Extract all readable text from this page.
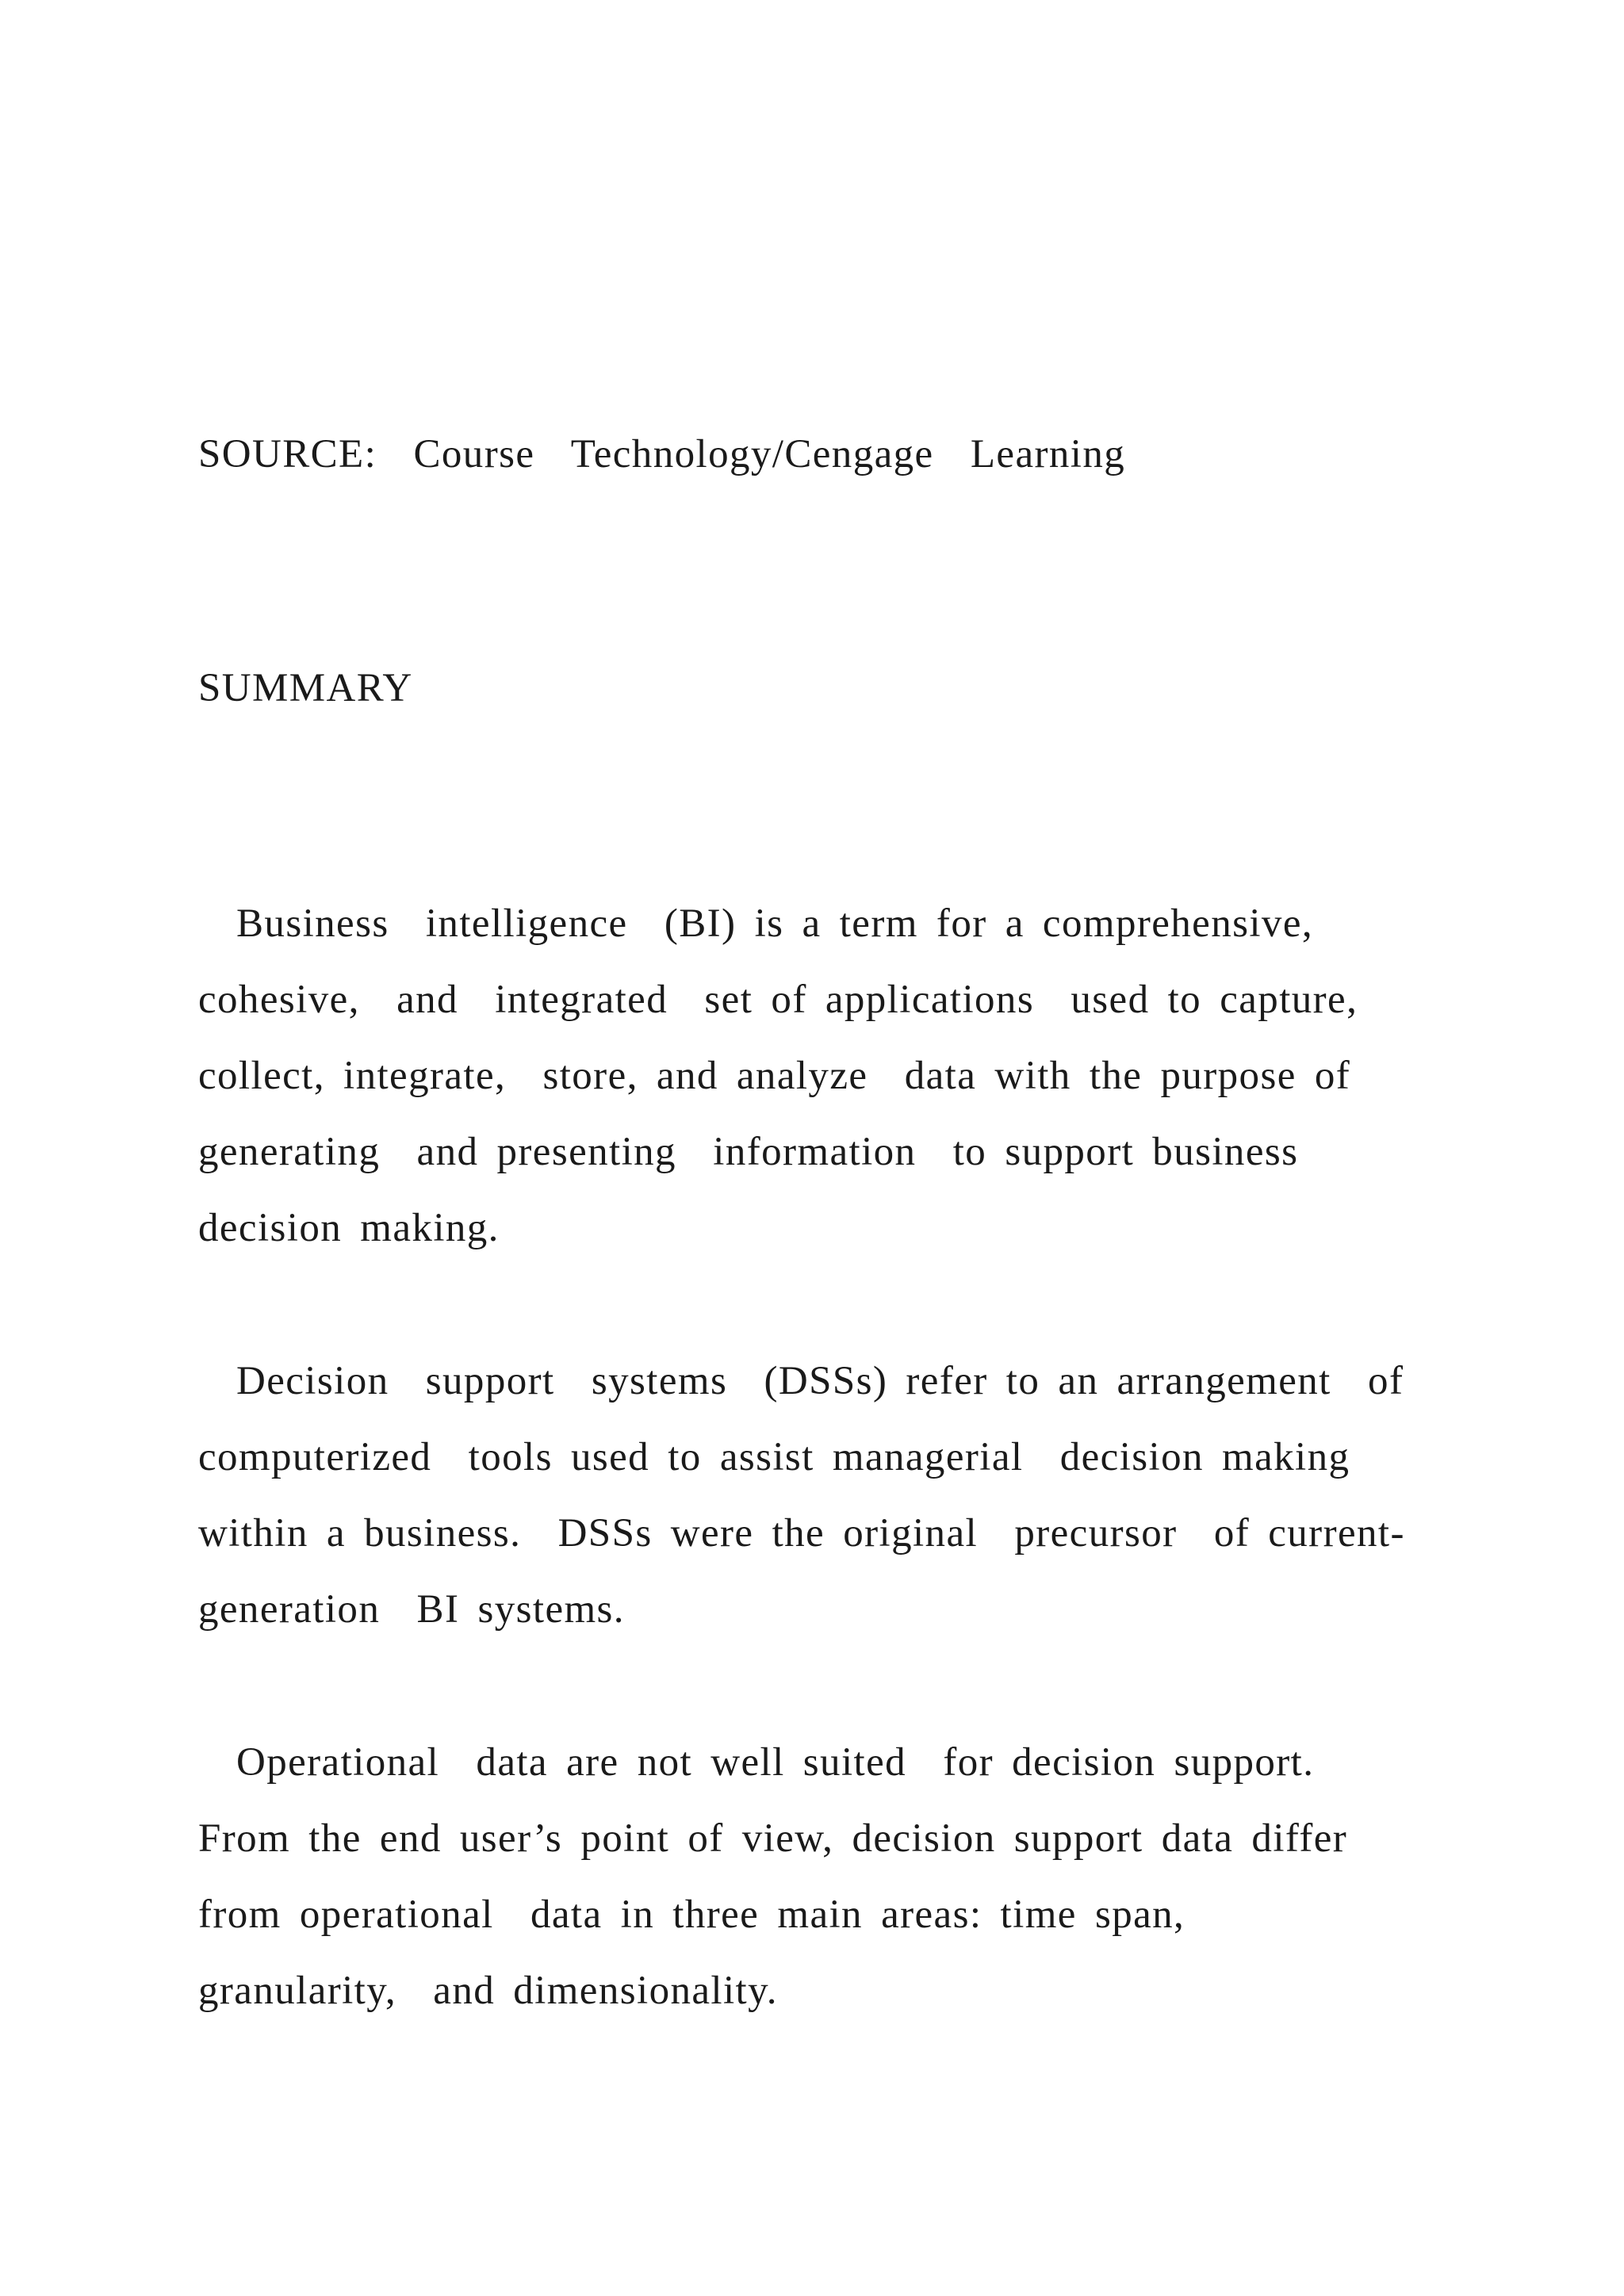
SOURCE:  Course  Technology/Cengage  Learning
SUMMARY
Business  intelligence  (BI) is a term for a comprehensive,
cohesive,  and  integrated  set of applications  used to capture,
collect, integrate,  store, and analyze  data with the purpose of
generating  and presenting  information  to support business
decision making.
Decision  support  systems  (DSSs) refer to an arrangement  of
computerized  tools used to assist managerial  decision making
within a business.  DSSs were the original  precursor  of current-
generation  BI systems.
Operational  data are not well suited  for decision support.
From the end user’s point of view, decision support data differ
from operational  data in three main areas: time span,
granularity,  and dimensionality.
